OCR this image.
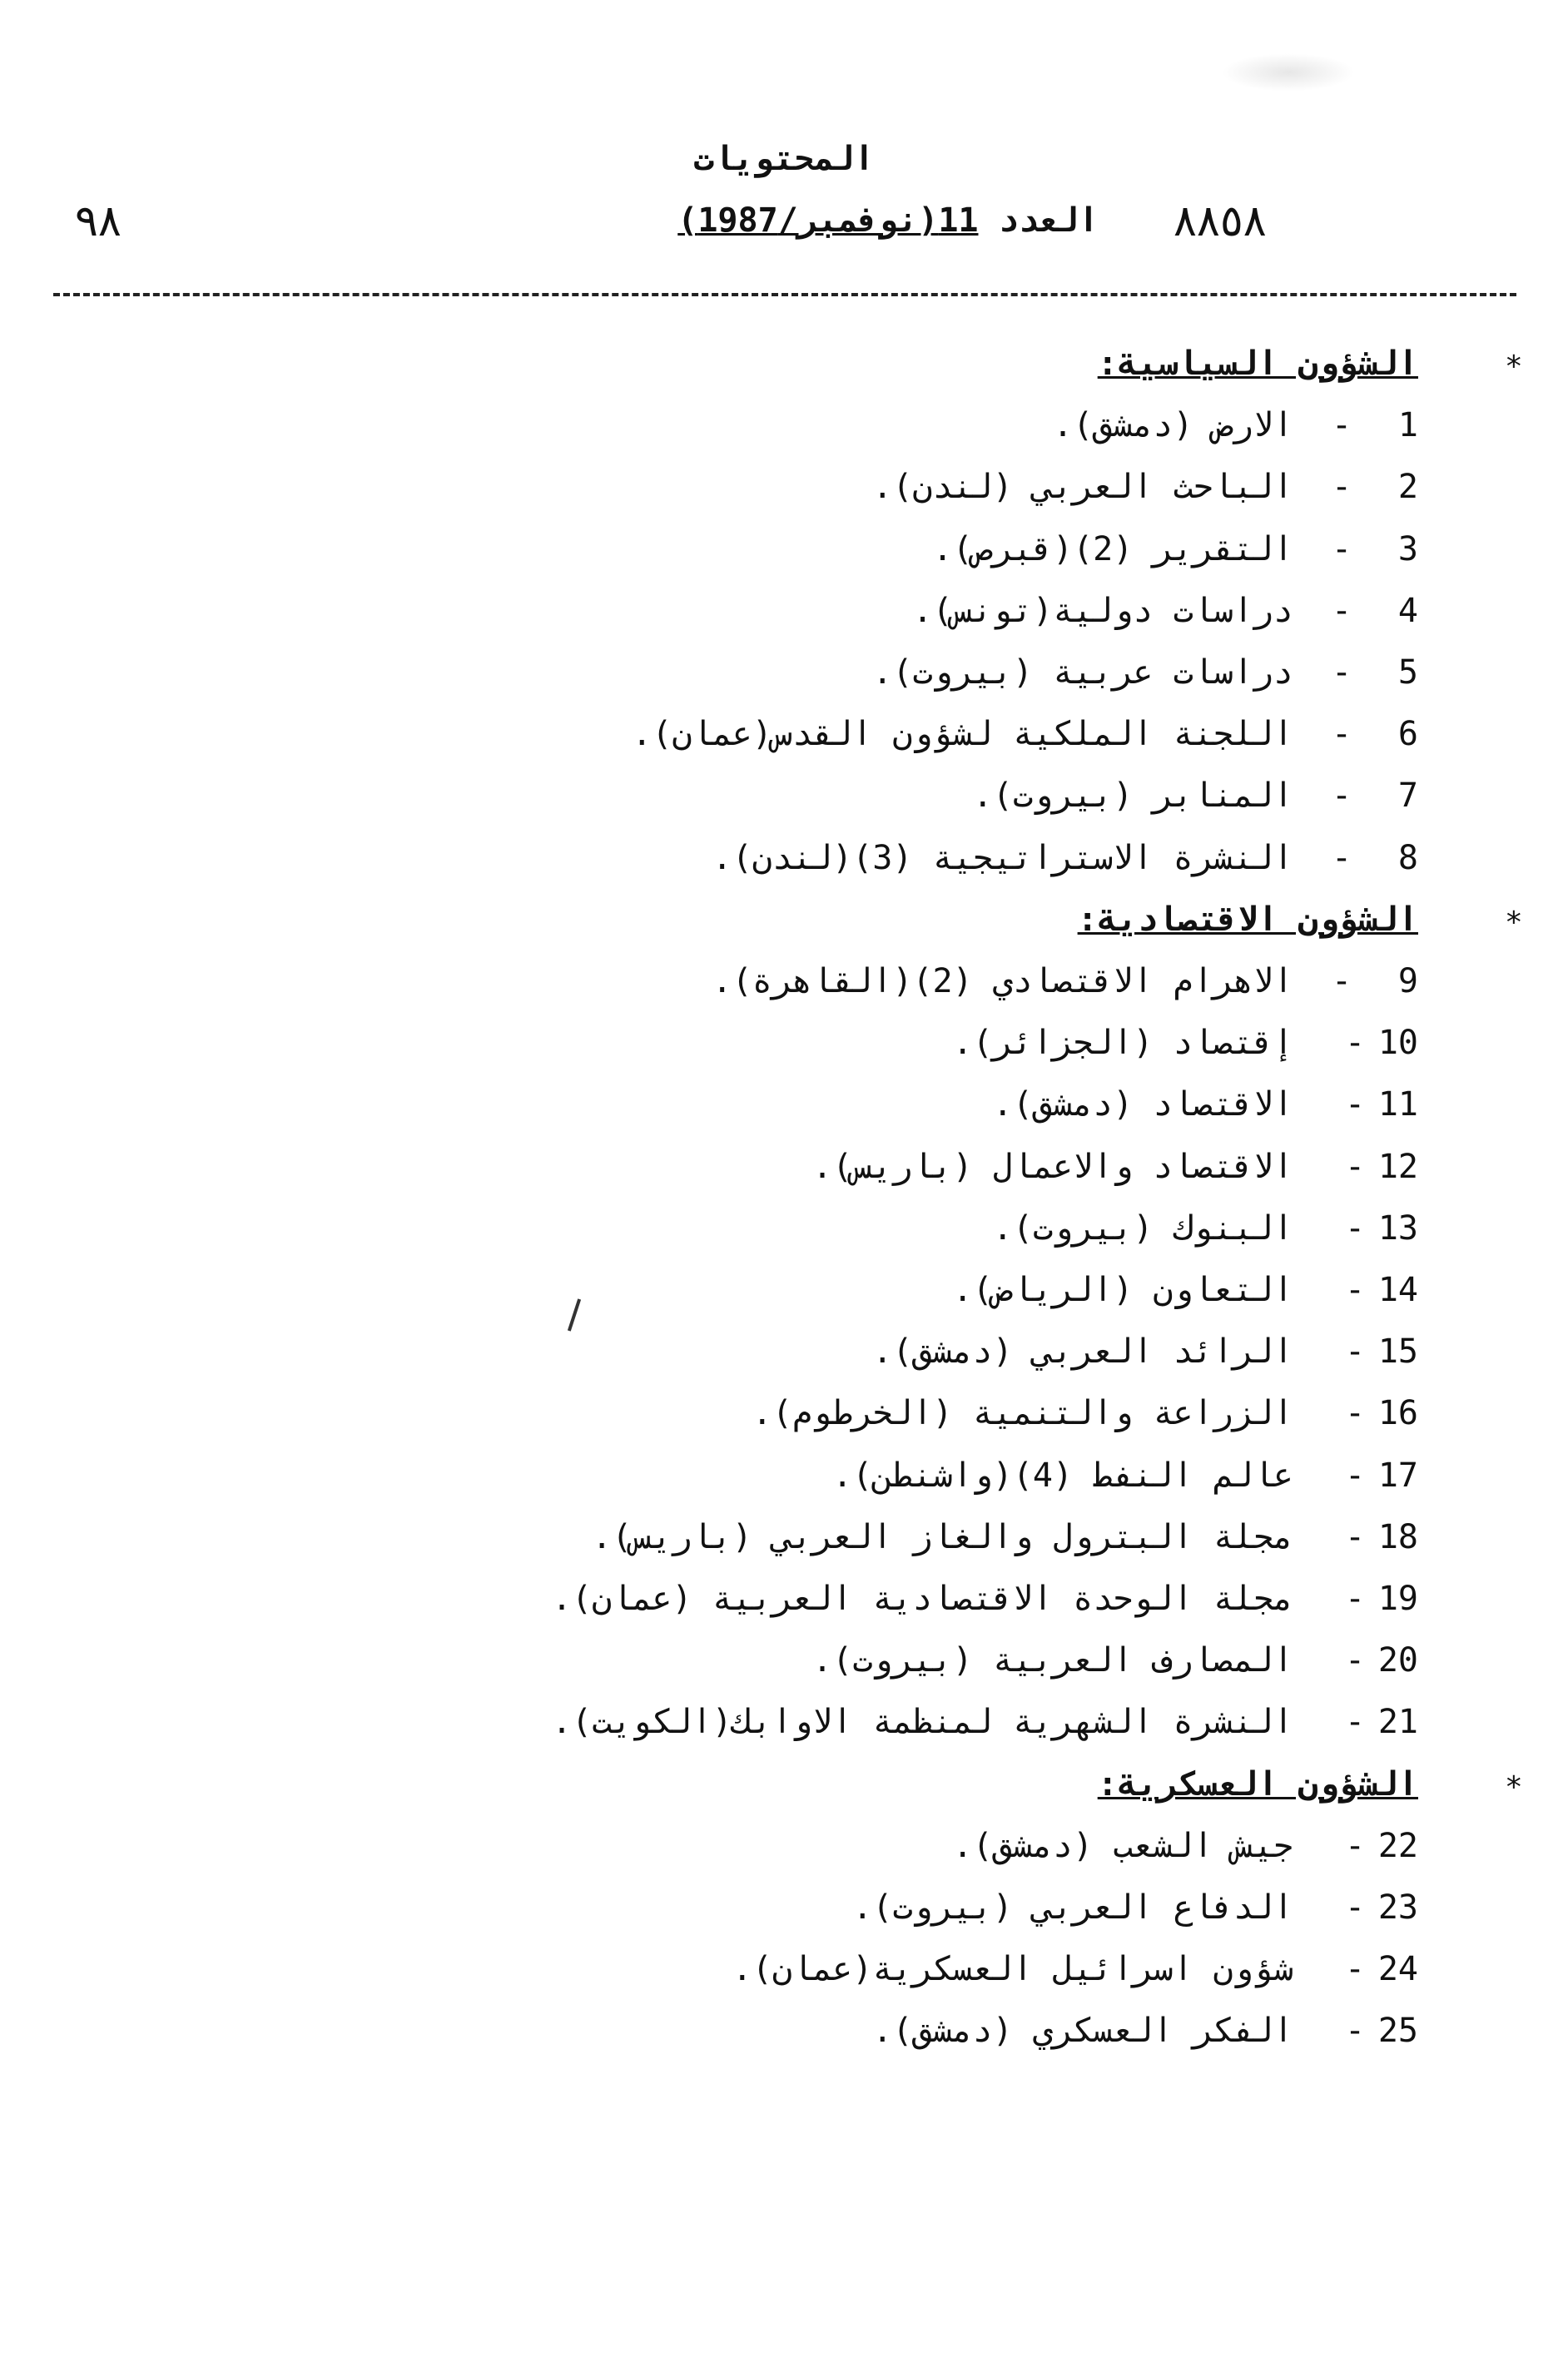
المحتويات
٩٨	العدد 11(نوفمبر/1987)	٨٨٥٨
*
الشؤون السياسية:
1
-
الارض (دمشق).
2
-
الباحث العربي (لندن).
3
-
التقرير (2)(قبرص).
4
-
دراسات دولية(تونس).
5
-
دراسات عربية (بيروت).
6
-
اللجنة الملكية لشؤون القدس(عمان).
7
-
المنابر (بيروت).
8
-
النشرة الاستراتيجية (3)(لندن).
*
الشؤون الاقتصادية:
9
-
الاهرام الاقتصادي (2)(القاهرة).
10
-
إقتصاد (الجزائر).
11
-
الاقتصاد (دمشق).
12
-
الاقتصاد والاعمال (باريس).
13
-
البنوك (بيروت).
14
-
التعاون (الرياض).
15
-
الرائد العربي (دمشق).
16
-
الزراعة والتنمية (الخرطوم).
17
-
عالم النفط (4)(واشنطن).
18
-
مجلة البترول والغاز العربي (باريس).
19
-
مجلة الوحدة الاقتصادية العربية (عمان).
20
-
المصارف العربية (بيروت).
21
-
النشرة الشهرية لمنظمة الاوابك(الكويت).
*
الشؤون العسكرية:
22
-
جيش الشعب (دمشق).
23
-
الدفاع العربي (بيروت).
24
-
شؤون اسرائيل العسكرية(عمان).
25
-
الفكر العسكري (دمشق).
